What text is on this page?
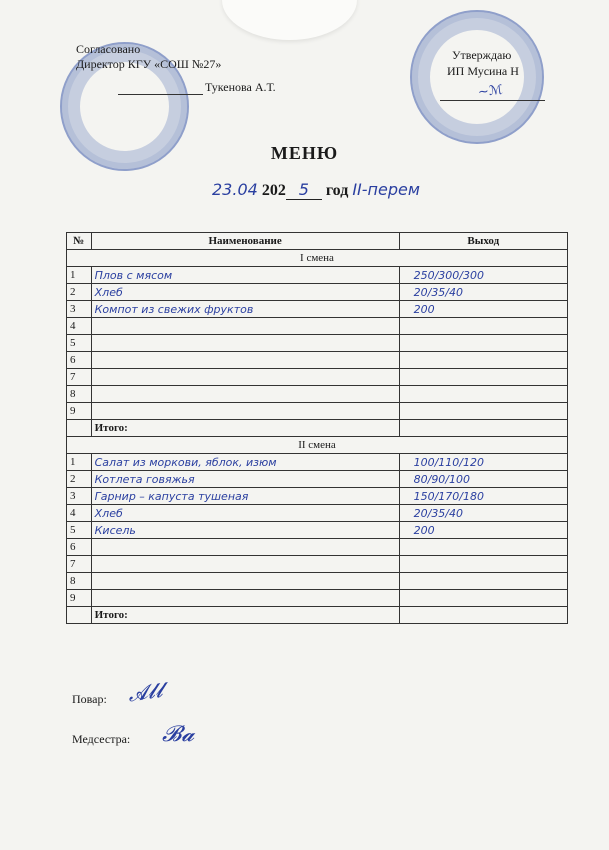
Согласовано
Директор КГУ «СОШ №27»
Тукенова А.Т.
Утверждаю
ИП Мусина Н
~ℳ
МЕНЮ
23.04 202 5 год II-перем
№	Наименование	Выход
I смена		
1	Плов с мясом	250/300/300
2	Хлеб	20/35/40
3	Компот из свежих фруктов	200
4		
5		
6		
7		
8		
9		
	Итого:	
II смена		
1	Салат из моркови, яблок, изюм	100/110/120
2	Котлета говяжья	80/90/100
3	Гарнир – капуста тушеная	150/170/180
4	Хлеб	20/35/40
5	Кисель	200
6		
7		
8		
9		
	Итого:	
Повар: 𝓐𝓵𝓵
Медсестра: 𝓑𝓪
